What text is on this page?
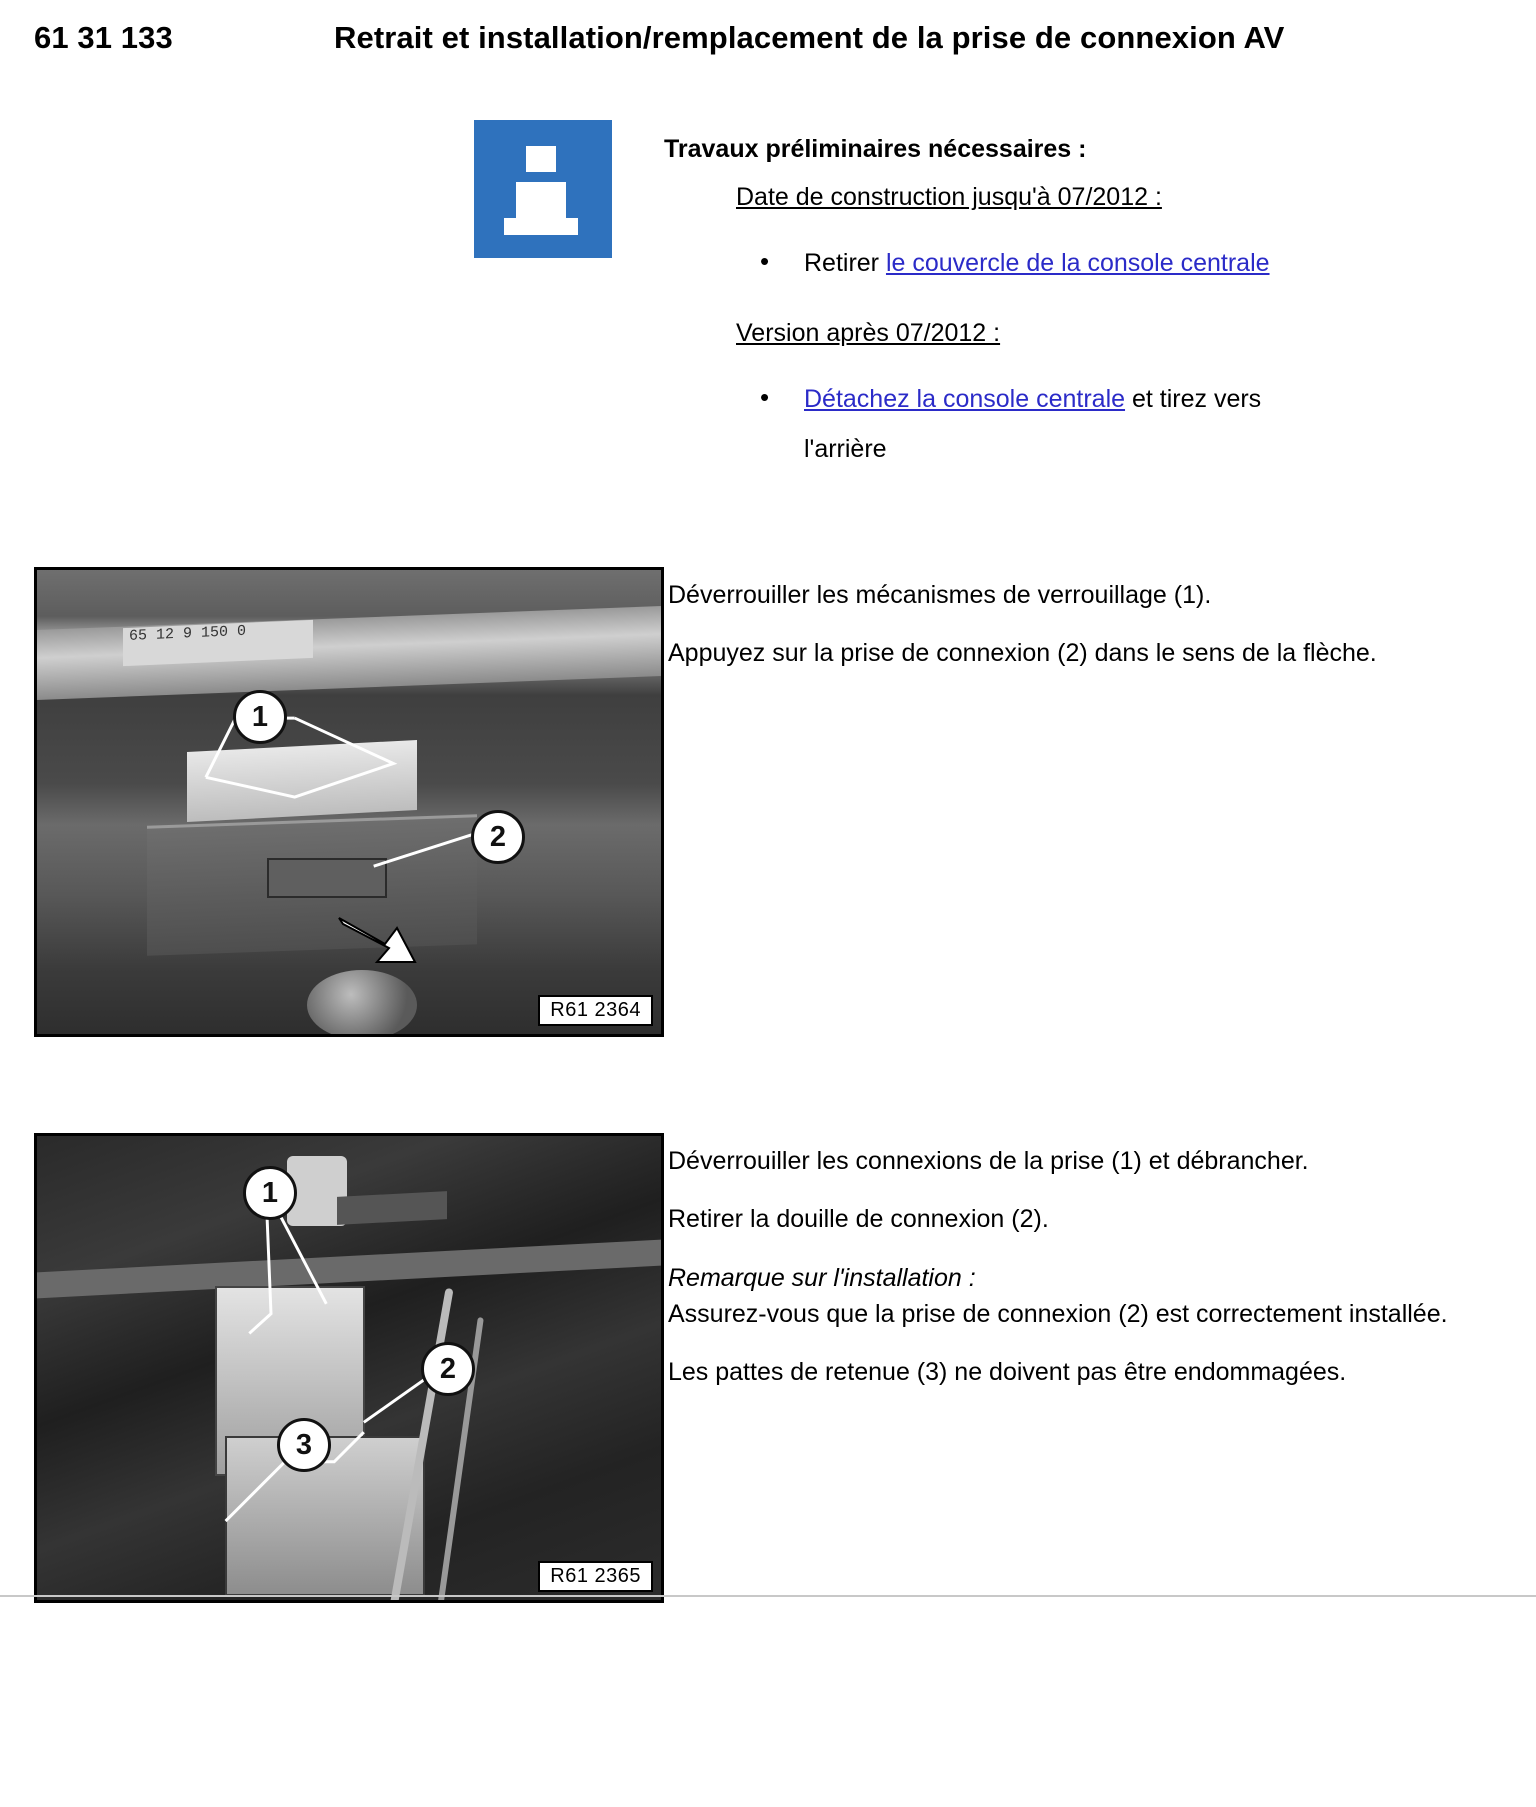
61 31 133	Retrait et installation/remplacement de la prise de connexion AV
Travaux préliminaires nécessaires :
Date de construction jusqu'à 07/2012 :
• Retirer le couvercle de la console centrale
Version après 07/2012 :
• Détachez la console centrale et tirez vers
l'arrière
65 12 9 150 0
1
2
R61 2364

Déverrouiller les mécanismes de verrouillage (1).

Appuyez sur la prise de connexion (2) dans le sens de la flèche.

1
2
3
R61 2365

Déverrouiller les connexions de la prise (1) et débrancher.

Retirer la douille de connexion (2).

Remarque sur l'installation :

Assurez-vous que la prise de connexion (2) est correctement installée.

Les pattes de retenue (3) ne doivent pas être endommagées.
